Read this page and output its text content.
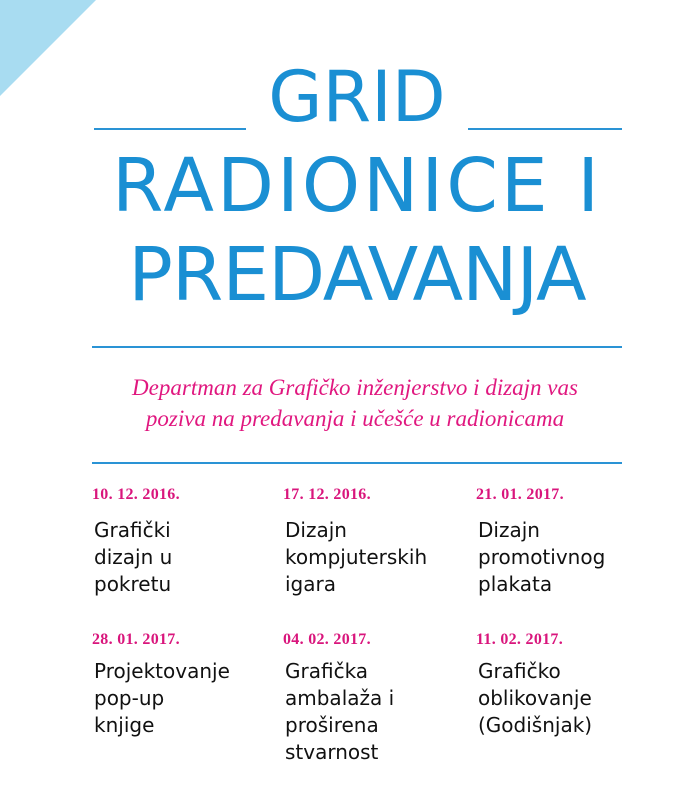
GRID
RADIONICE I
PREDAVANJA
Departman za Grafičko inženjerstvo i dizajn vas
poziva na predavanja i učešće u radionicama
10. 12. 2016.
Grafički
dizajn u
pokretu
17. 12. 2016.
Dizajn
kompjuterskih
igara
21. 01. 2017.
Dizajn
promotivnog
plakata
28. 01. 2017.
Projektovanje
pop-up
knjige
04. 02. 2017.
Grafička
ambalaža i
proširena
stvarnost
11. 02. 2017.
Grafičko
oblikovanje
(Godišnjak)
